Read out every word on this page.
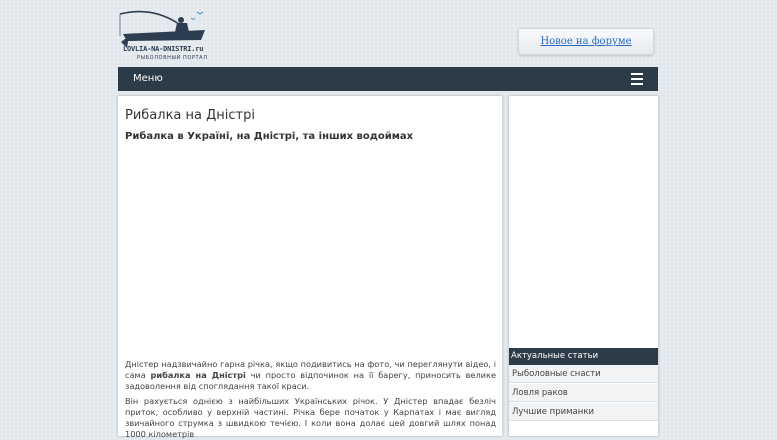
LOVLIA-NA-DNISTRI.ru
РЫБОЛОВНЫЙ ПОРТАЛ
Новое на форуме
Меню
Рибалка на Дністрі
Рибалка в Україні, на Дністрі, та інших водоймах

Дністер надзвичайно гарна річка, якщо подивитись на фото, чи переглянути відео, і сама рибалка на Дністрі чи просто відпочинок на її барегу, приносить велике задоволення від споглядання такої краси.

Він рахується однією з найбільших Українських річок. У Дністер впадає безліч приток, особливо у верхній частині. Річка бере початок у Карпатах і має вигляд звичайного струмка з швидкою течією. І коли вона долає цей довгий шлях понад 1000 кілометрів

Актуальные статьи
Рыболовные снасти
Ловля раков
Лучшие приманки
